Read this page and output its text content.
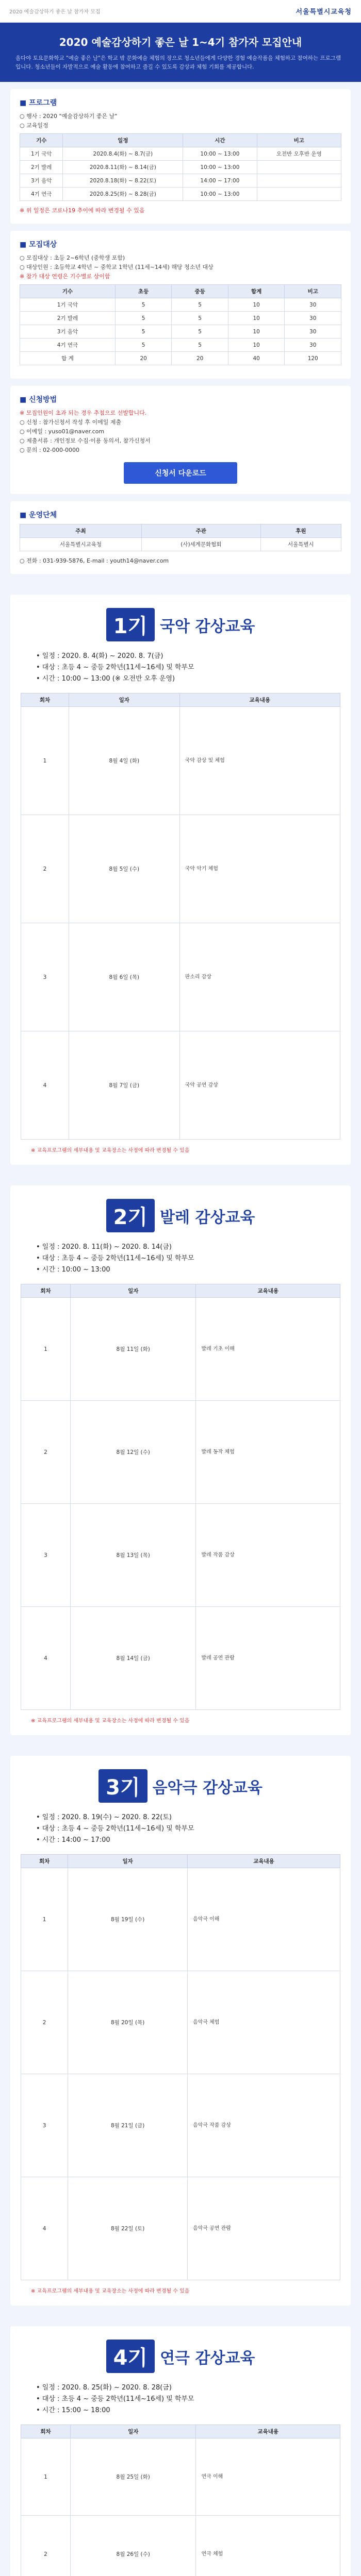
2020 예술감상하기 좋은 날 참가자 모집	서울특별시교육청
2020 예술감상하기 좋은 날 1~4기 참가자 모집안내

올다야 토요문화학교 "예술 좋은 날"은 학교 밖 문화예술 체험의 장으로 청소년들에게 다양한 경험 예술작품을 체험하고 참여하는 프로그램입니다. 청소년들이 자발적으로 예술 활동에 참여하고 즐길 수 있도록 감상과 체험 기회를 제공합니다.

■ 프로그램

○ 행사 : 2020 "예술감상하기 좋은 날"

○ 교육일정

기수	일정	시간	비고
1기 국악	2020.8.4(화) ~ 8.7(금)	10:00 ~ 13:00	오전반 오후반 운영
2기 발레	2020.8.11(화) ~ 8.14(금)	10:00 ~ 13:00	
3기 음악	2020.8.18(화) ~ 8.22(토)	14:00 ~ 17:00	
4기 연극	2020.8.25(화) ~ 8.28(금)	10:00 ~ 13:00	

※ 위 일정은 코로나19 추이에 따라 변경될 수 있음

■ 모집대상
○ 모집대상 : 초등 2~6학년 (중학생 포함)
○ 대상인원 : 초등학교 4학년 ~ 중학교 1학년 (11세~14세) 해당 청소년 대상
※ 참가 대상 연령은 기수별로 상이함
기수	초등	중등	합계	비고
1기 국악	5	5	10	30
2기 발레	5	5	10	30
3기 음악	5	5	10	30
4기 연극	5	5	10	30
합 계	20	20	40	120
■ 신청방법
※ 모집인원이 초과 되는 경우 추첨으로 선발합니다.
○ 신청 : 참가신청서 작성 후 이메일 제출
○ 이메일 : yuso01@naver.com
○ 제출서류 : 개인정보 수집·이용 동의서, 참가신청서
○ 문의 : 02-000-0000
신청서 다운로드
■ 운영단체
주최	주관	후원
서울특별시교육청	(사)세계문화협회	서울특별시

○ 전화 : 031-939-5876, E-mail : youth14@naver.com

1기 국악 감상교육
• 일정 : 2020. 8. 4(화) ~ 2020. 8. 7(금)
• 대상 : 초등 4 ~ 중등 2학년(11세~16세) 및 학부모
• 시간 : 10:00 ~ 13:00 (※ 오전반 오후 운영)
회차	일자	교육내용
1	8월 4일 (화)	국악 감상 및 체험
2	8월 5일 (수)	국악 악기 체험
3	8월 6일 (목)	판소리 감상
4	8월 7일 (금)	국악 공연 감상

※ 교육프로그램의 세부내용 및 교육장소는 사정에 따라 변경될 수 있음

2기 발레 감상교육
• 일정 : 2020. 8. 11(화) ~ 2020. 8. 14(금)
• 대상 : 초등 4 ~ 중등 2학년(11세~16세) 및 학부모
• 시간 : 10:00 ~ 13:00
회차	일자	교육내용
1	8월 11일 (화)	발레 기초 이해
2	8월 12일 (수)	발레 동작 체험
3	8월 13일 (목)	발레 작품 감상
4	8월 14일 (금)	발레 공연 관람

※ 교육프로그램의 세부내용 및 교육장소는 사정에 따라 변경될 수 있음

3기 음악극 감상교육
• 일정 : 2020. 8. 19(수) ~ 2020. 8. 22(토)
• 대상 : 초등 4 ~ 중등 2학년(11세~16세) 및 학부모
• 시간 : 14:00 ~ 17:00
회차	일자	교육내용
1	8월 19일 (수)	음악극 이해
2	8월 20일 (목)	음악극 체험
3	8월 21일 (금)	음악극 작품 감상
4	8월 22일 (토)	음악극 공연 관람

※ 교육프로그램의 세부내용 및 교육장소는 사정에 따라 변경될 수 있음

4기 연극 감상교육
• 일정 : 2020. 8. 25(화) ~ 2020. 8. 28(금)
• 대상 : 초등 4 ~ 중등 2학년(11세~16세) 및 학부모
• 시간 : 15:00 ~ 18:00
회차	일자	교육내용
1	8월 25일 (화)	연극 이해
2	8월 26일 (수)	연극 체험
